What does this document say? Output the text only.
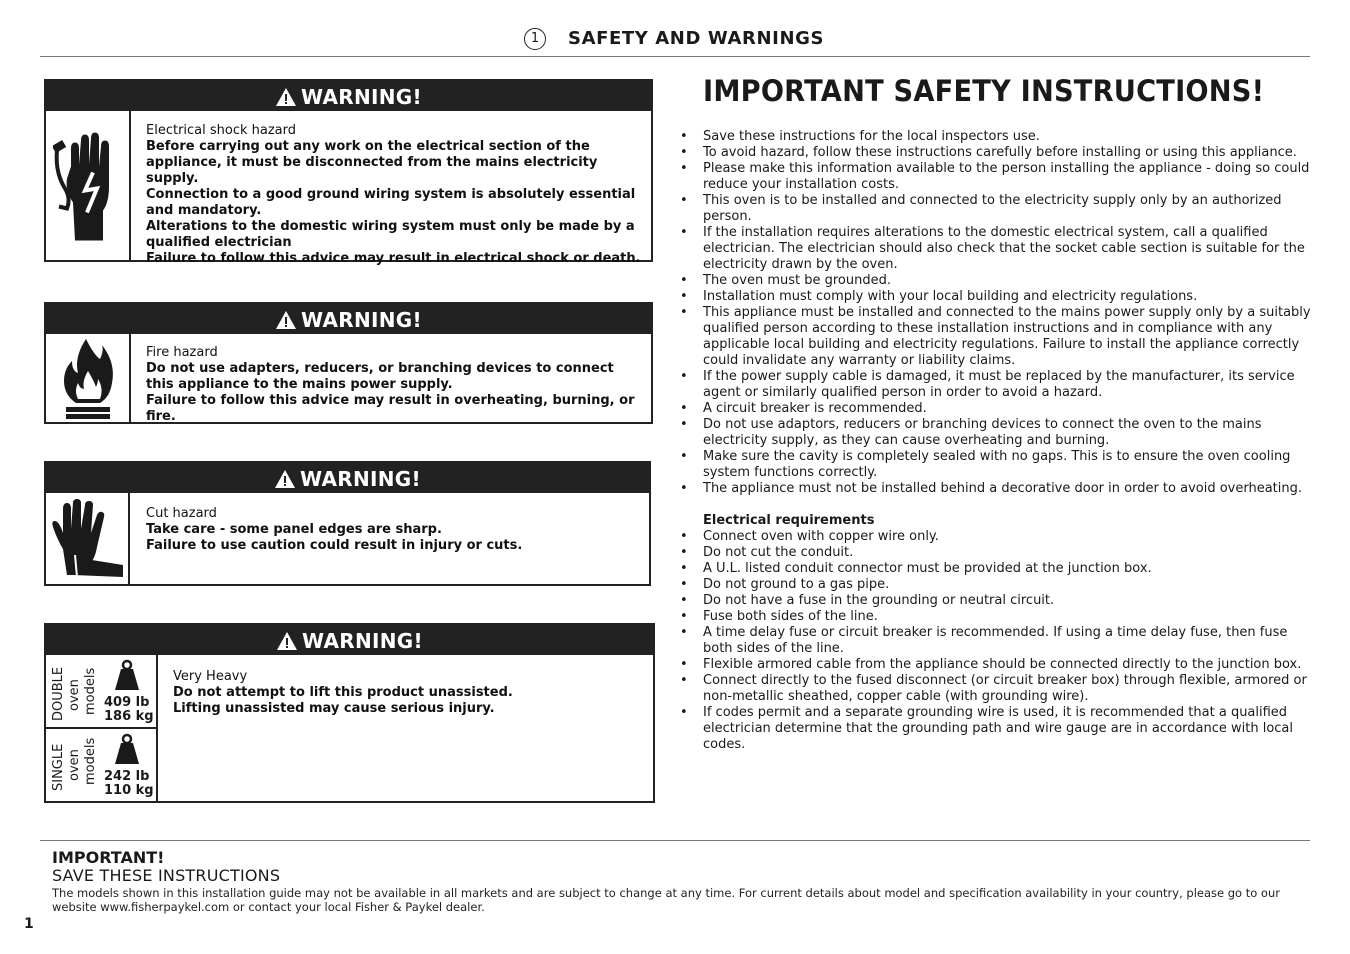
1	SAFETY AND WARNINGS
WARNING!

Electrical shock hazard

Before carrying out any work on the electrical section of the appliance, it must be disconnected from the mains electricity supply.

Connection to a good ground wiring system is absolutely essential and mandatory.

Alterations to the domestic wiring system must only be made by a qualified electrician

Failure to follow this advice may result in electrical shock or death.

WARNING!

Fire hazard

Do not use adapters, reducers, or branching devices to connect this appliance to the mains power supply.

Failure to follow this advice may result in overheating, burning, or fire.

WARNING!

Cut hazard

Take care - some panel edges are sharp.

Failure to use caution could result in injury or cuts.

WARNING!
DOUBLE oven models 409 lb
186 kg
SINGLE oven models 242 lb
110 kg

Very Heavy

Do not attempt to lift this product unassisted.

Lifting unassisted may cause serious injury.

IMPORTANT SAFETY INSTRUCTIONS!
• Save these instructions for the local inspectors use.
• To avoid hazard, follow these instructions carefully before installing or using this appliance.
• Please make this information available to the person installing the appliance - doing so could reduce your installation costs.
• This oven is to be installed and connected to the electricity supply only by an authorized person.
• If the installation requires alterations to the domestic electrical system, call a qualified electrician. The electrician should also check that the socket cable section is suitable for the electricity drawn by the oven.
• The oven must be grounded.
• Installation must comply with your local building and electricity regulations.
• This appliance must be installed and connected to the mains power supply only by a suitably qualified person according to these installation instructions and in compliance with any applicable local building and electricity regulations. Failure to install the appliance correctly could invalidate any warranty or liability claims.
• If the power supply cable is damaged, it must be replaced by the manufacturer, its service agent or similarly qualified person in order to avoid a hazard.
• A circuit breaker is recommended.
• Do not use adaptors, reducers or branching devices to connect the oven to the mains electricity supply, as they can cause overheating and burning.
• Make sure the cavity is completely sealed with no gaps. This is to ensure the oven cooling system functions correctly.
• The appliance must not be installed behind a decorative door in order to avoid overheating.
Electrical requirements
• Connect oven with copper wire only.
• Do not cut the conduit.
• A U.L. listed conduit connector must be provided at the junction box.
• Do not ground to a gas pipe.
• Do not have a fuse in the grounding or neutral circuit.
• Fuse both sides of the line.
• A time delay fuse or circuit breaker is recommended. If using a time delay fuse, then fuse both sides of the line.
• Flexible armored cable from the appliance should be connected directly to the junction box.
• Connect directly to the fused disconnect (or circuit breaker box) through flexible, armored or non-metallic sheathed, copper cable (with grounding wire).
• If codes permit and a separate grounding wire is used, it is recommended that a qualified electrician determine that the grounding path and wire gauge are in accordance with local codes.
IMPORTANT!
SAVE THESE INSTRUCTIONS
The models shown in this installation guide may not be available in all markets and are subject to change at any time. For current details about model and specification availability in your country, please go to our website www.fisherpaykel.com or contact your local Fisher & Paykel dealer.
1
